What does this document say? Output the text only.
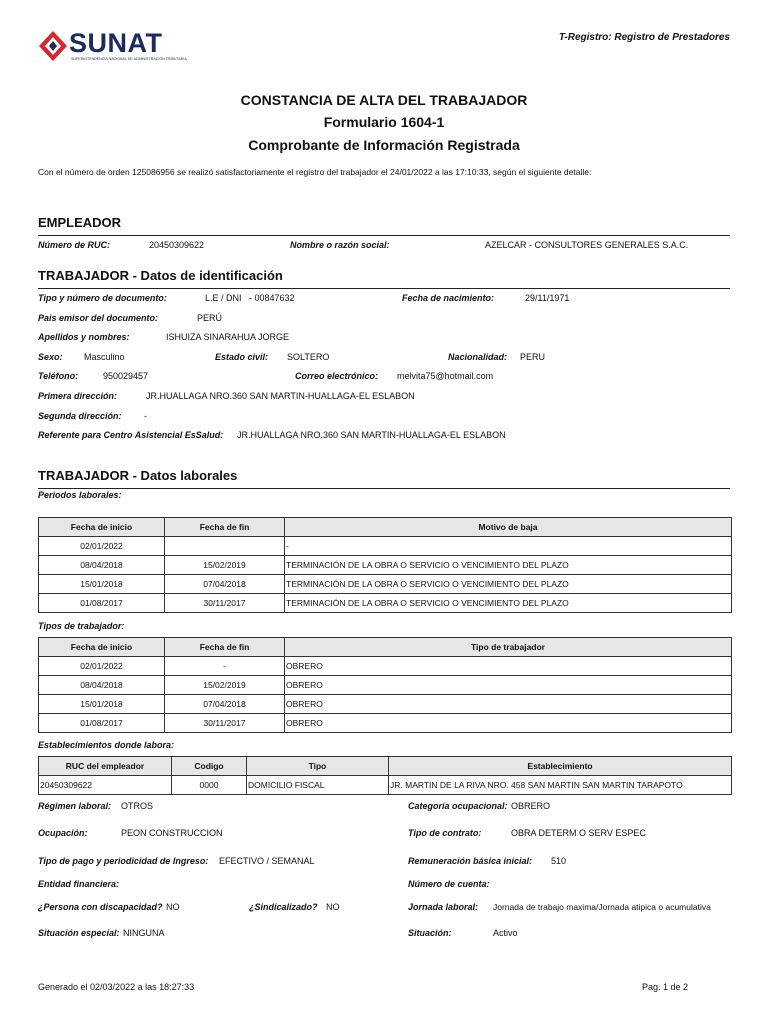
SUNAT
SUPERINTENDENCIA NACIONAL DE ADMINISTRACIÓN TRIBUTARIA
T-Registro: Registro de Prestadores
CONSTANCIA DE ALTA DEL TRABAJADOR
Formulario 1604-1
Comprobante de Información Registrada
Con el número de orden 125086956 se realizó satisfactoriamente el registro del trabajador el 24/01/2022 a las 17:10:33, según el siguiente detalle:
EMPLEADOR
Número de RUC:	20450309622	Nombre o razón social:	AZELCAR - CONSULTORES GENERALES S.A.C.
TRABAJADOR - Datos de identificación
Tipo y número de documento:	L.E / DNI   - 00847632	Fecha de nacimiento:	29/11/1971
Pais emisor del documento:	PERÚ
Apellidos y nombres:	ISHUIZA SINARAHUA JORGE
Sexo: Masculino	Estado civil: SOLTERO	Nacionalidad: PERU
Teléfono:	950029457	Correo electrónico: melvita75@hotmail.com
Primera dirección:	JR.HUALLAGA NRO.360 SAN MARTIN-HUALLAGA-EL ESLABON
Segunda dirección: -
Referente para Centro Asistencial EsSalud: JR.HUALLAGA NRO.360 SAN MARTIN-HUALLAGA-EL ESLABON
TRABAJADOR - Datos laborales
Periodos laborales:
Fecha de inicio	Fecha de fin	Motivo de baja
02/01/2022		-
08/04/2018	15/02/2019	TERMINACIÓN DE LA OBRA O SERVICIO O VENCIMIENTO DEL PLAZO
15/01/2018	07/04/2018	TERMINACIÓN DE LA OBRA O SERVICIO O VENCIMIENTO DEL PLAZO
01/08/2017	30/11/2017	TERMINACIÓN DE LA OBRA O SERVICIO O VENCIMIENTO DEL PLAZO
Tipos de trabajador:
Fecha de inicio	Fecha de fin	Tipo de trabajador
02/01/2022	-	OBRERO
08/04/2018	15/02/2019	OBRERO
15/01/2018	07/04/2018	OBRERO
01/08/2017	30/11/2017	OBRERO
Establecimientos donde labora:
RUC del empleador	Codigo	Tipo	Establecimiento
20450309622	0000	DOMICILIO FISCAL	JR. MARTIN DE LA RIVA NRO. 458 SAN MARTIN SAN MARTIN TARAPOTO
Régimen laboral: OTROS	Categoría ocupacional: OBRERO
Ocupación:	PEON CONSTRUCCION	Tipo de contrato:	OBRA DETERM O SERV ESPEC
Tipo de pago y periodicidad de Ingreso: EFECTIVO / SEMANAL	Remuneración básica inicial: 510
Entidad financiera:	Número de cuenta:
¿Persona con discapacidad? NO	¿Sindicalizado? NO	Jornada laboral: Jornada de trabajo maxima/Jornada atipica o acumulativa
Situación especial: NINGUNA	Situación:	Activo
Generado el 02/03/2022 a las 18:27:33	Pag. 1 de 2
